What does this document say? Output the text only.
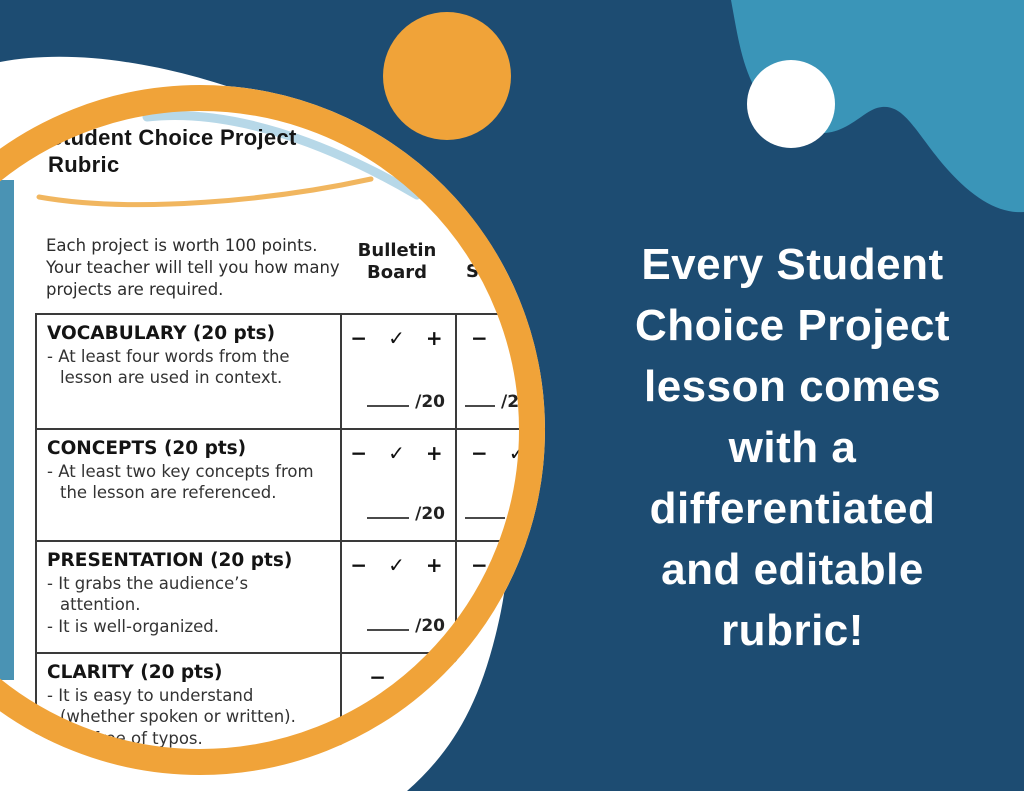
Student Choice Project
Rubric
Each project is worth 100 points. Your teacher will tell you how many projects are required.
Bulletin Board	S
VOCABULARY (20 pts)
- At least four words from the lesson are used in context.
− ✓ +
/20
− ✓
/2
CONCEPTS (20 pts)
- At least two key concepts from the lesson are referenced.
− ✓ +
/20
− ✓
PRESENTATION (20 pts)
- It grabs the audience’s attention.
- It is well-organized.
− ✓ +
/20
−
CLARITY (20 pts)
- It is easy to understand (whether spoken or written).
- It is free of typos.
− ✓
Every Student
Choice Project
lesson comes
with a
differentiated
and editable
rubric!
